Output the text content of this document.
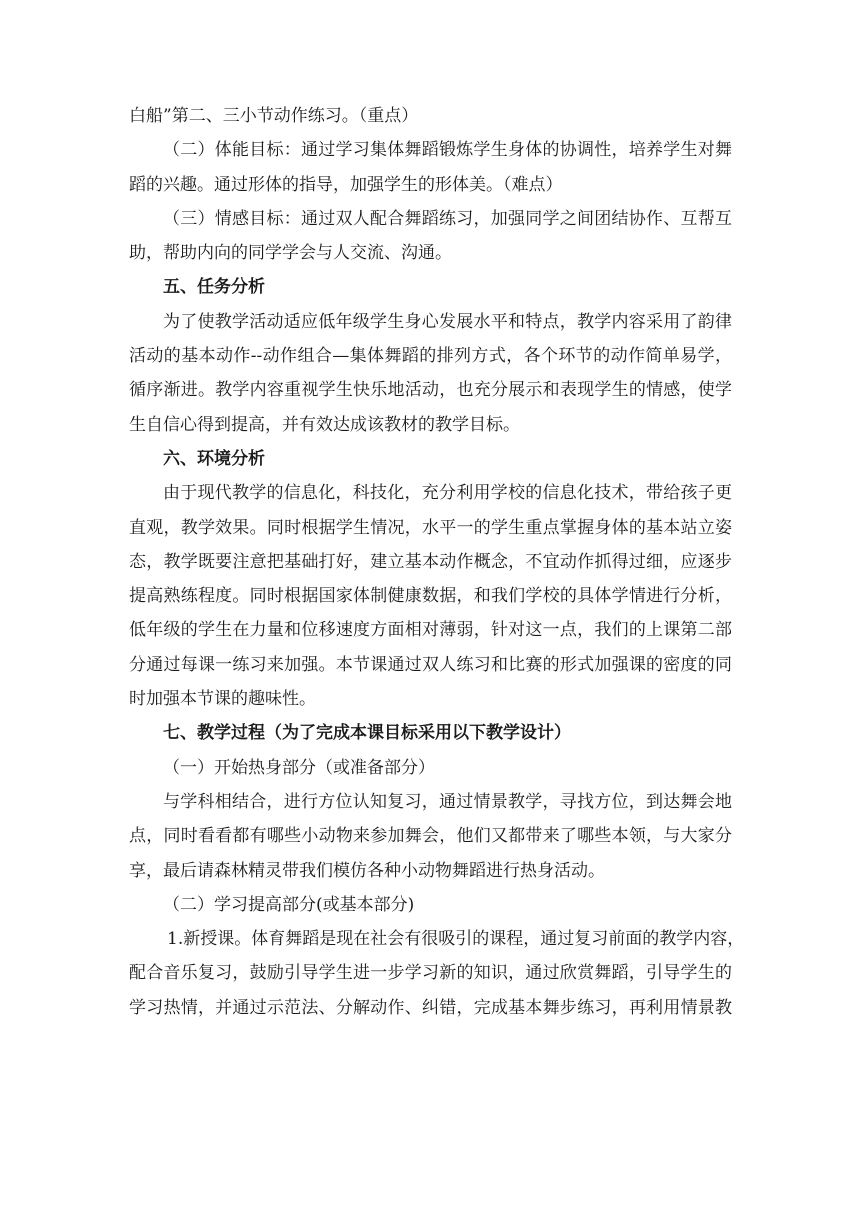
白船”第二、三小节动作练习。（重点）
（二）体能目标：通过学习集体舞蹈锻炼学生身体的协调性，培养学生对舞
蹈的兴趣。通过形体的指导，加强学生的形体美。（难点）
（三）情感目标：通过双人配合舞蹈练习，加强同学之间团结协作、互帮互
助，帮助内向的同学学会与人交流、沟通。
五、任务分析
为了使教学活动适应低年级学生身心发展水平和特点，教学内容采用了韵律
活动的基本动作--动作组合—集体舞蹈的排列方式，各个环节的动作简单易学，
循序渐进。教学内容重视学生快乐地活动，也充分展示和表现学生的情感，使学
生自信心得到提高，并有效达成该教材的教学目标。
六、环境分析
由于现代教学的信息化，科技化，充分利用学校的信息化技术，带给孩子更
直观，教学效果。同时根据学生情况，水平一的学生重点掌握身体的基本站立姿
态，教学既要注意把基础打好，建立基本动作概念，不宜动作抓得过细，应逐步
提高熟练程度。同时根据国家体制健康数据，和我们学校的具体学情进行分析，
低年级的学生在力量和位移速度方面相对薄弱，针对这一点，我们的上课第二部
分通过每课一练习来加强。本节课通过双人练习和比赛的形式加强课的密度的同
时加强本节课的趣味性。
七、教学过程（为了完成本课目标采用以下教学设计）
（一）开始热身部分（或准备部分）
与学科相结合，进行方位认知复习，通过情景教学，寻找方位，到达舞会地
点，同时看看都有哪些小动物来参加舞会，他们又都带来了哪些本领，与大家分
享，最后请森林精灵带我们模仿各种小动物舞蹈进行热身活动。
（二）学习提高部分(或基本部分)
1.新授课。体育舞蹈是现在社会有很吸引的课程，通过复习前面的教学内容，
配合音乐复习，鼓励引导学生进一步学习新的知识，通过欣赏舞蹈，引导学生的
学习热情，并通过示范法、分解动作、纠错，完成基本舞步练习，再利用情景教
